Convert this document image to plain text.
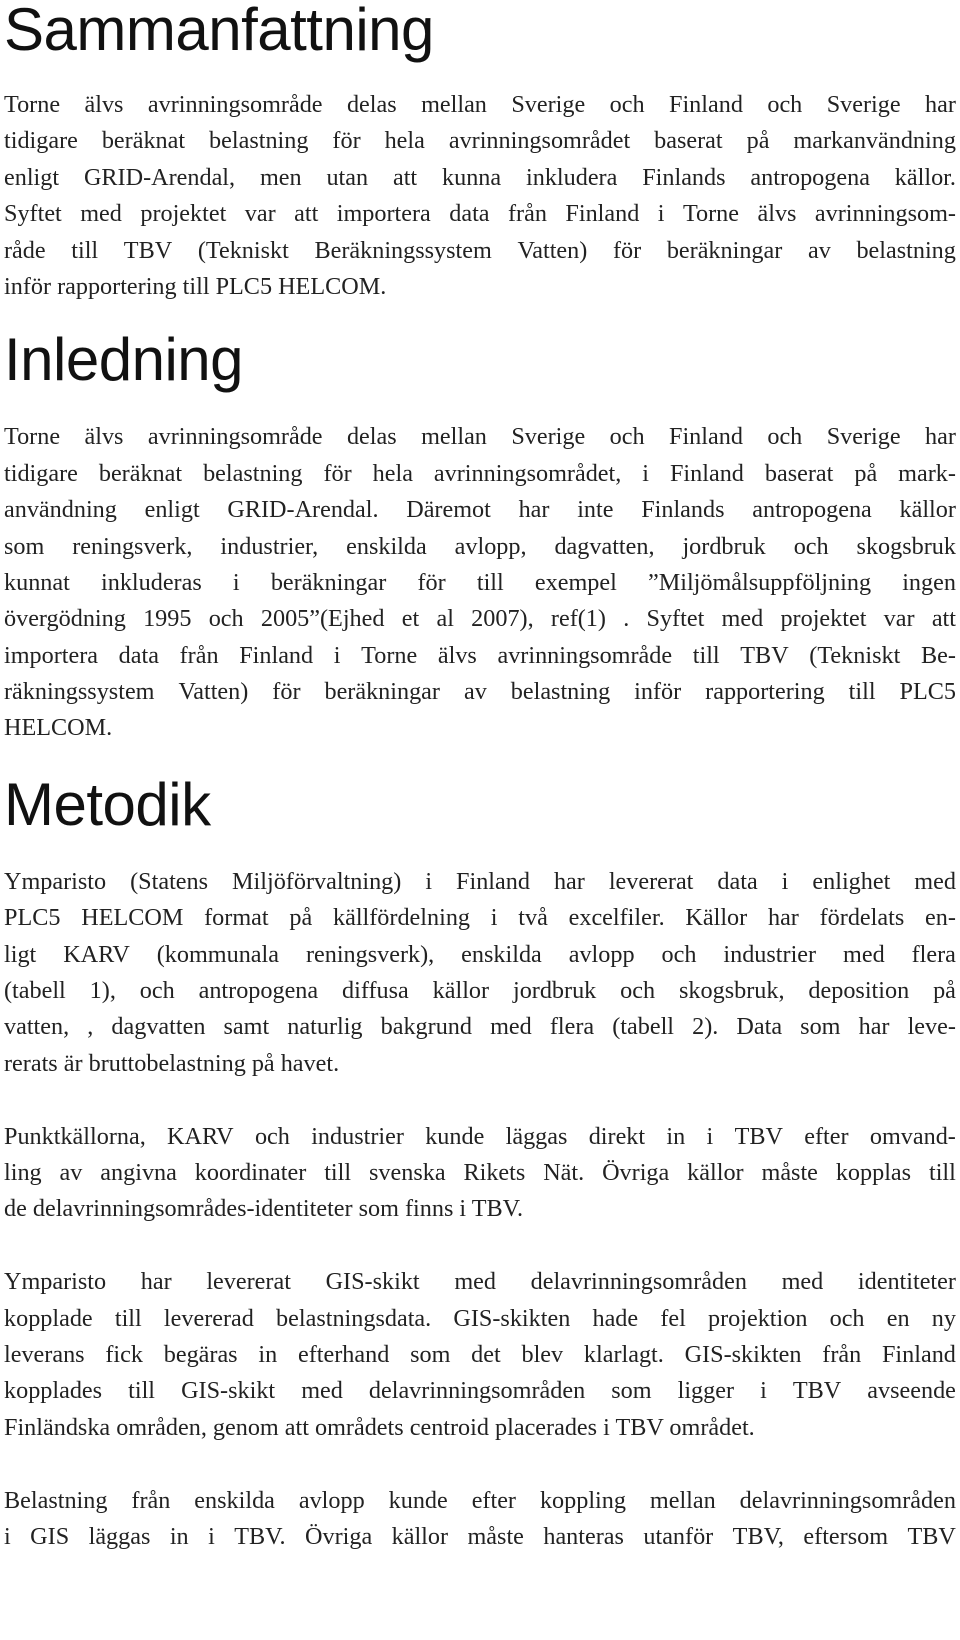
Sammanfattning
Torne älvs avrinningsområde delas mellan Sverige och Finland och Sverige har
tidigare beräknat belastning för hela avrinningsområdet baserat på markanvändning
enligt GRID-Arendal, men utan att kunna inkludera Finlands antropogena källor.
Syftet med projektet var att importera data från Finland i Torne älvs avrinningsom-
råde till TBV (Tekniskt Beräkningssystem Vatten) för beräkningar av belastning
inför rapportering till PLC5 HELCOM.
Inledning
Torne älvs avrinningsområde delas mellan Sverige och Finland och Sverige har
tidigare beräknat belastning för hela avrinningsområdet, i Finland baserat på mark-
användning enligt GRID-Arendal. Däremot har inte Finlands antropogena källor
som reningsverk, industrier, enskilda avlopp, dagvatten, jordbruk och skogsbruk
kunnat inkluderas i beräkningar för till exempel ”Miljömålsuppföljning ingen
övergödning 1995 och 2005”(Ejhed et al 2007), ref(1) . Syftet med projektet var att
importera data från Finland i Torne älvs avrinningsområde till TBV (Tekniskt Be-
räkningssystem Vatten) för beräkningar av belastning inför rapportering till PLC5
HELCOM.
Metodik
Ymparisto (Statens Miljöförvaltning) i Finland har levererat data i enlighet med
PLC5 HELCOM format på källfördelning i två excelfiler. Källor har fördelats en-
ligt KARV (kommunala reningsverk), enskilda avlopp och industrier med flera
(tabell 1), och antropogena diffusa källor jordbruk och skogsbruk, deposition på
vatten, , dagvatten samt naturlig bakgrund med flera (tabell 2). Data som har leve-
rerats är bruttobelastning på havet.
Punktkällorna, KARV och industrier kunde läggas direkt in i TBV efter omvand-
ling av angivna koordinater till svenska Rikets Nät. Övriga källor måste kopplas till
de delavrinningsområdes-identiteter som finns i TBV.
Ymparisto har levererat GIS-skikt med delavrinningsområden med identiteter
kopplade till levererad belastningsdata. GIS-skikten hade fel projektion och en ny
leverans fick begäras in efterhand som det blev klarlagt. GIS-skikten från Finland
kopplades till GIS-skikt med delavrinningsområden som ligger i TBV avseende
Finländska områden, genom att områdets centroid placerades i TBV området.
Belastning från enskilda avlopp kunde efter koppling mellan delavrinningsområden
i GIS läggas in i TBV. Övriga källor måste hanteras utanför TBV, eftersom TBV
